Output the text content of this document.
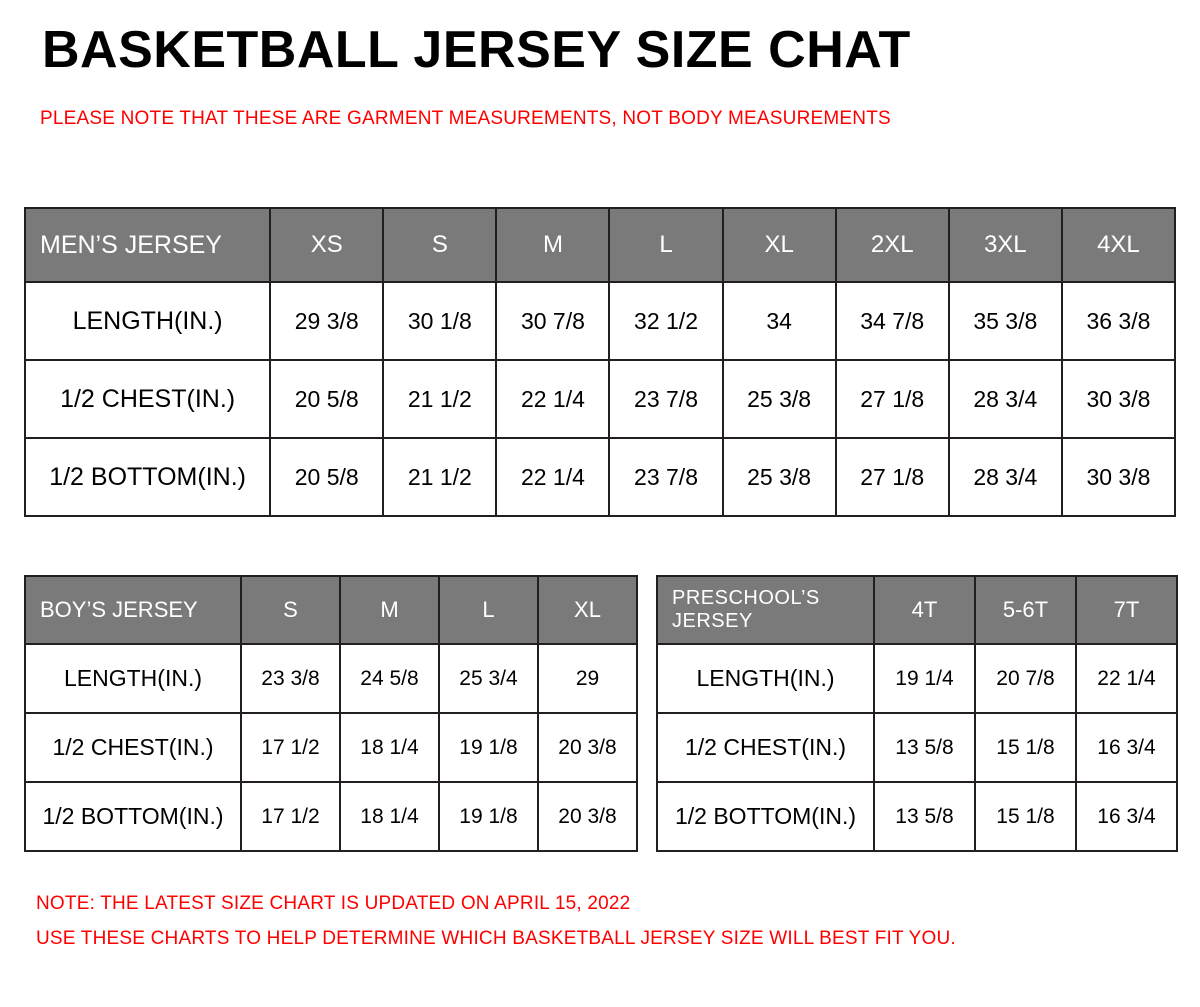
BASKETBALL JERSEY SIZE CHAT
PLEASE NOTE THAT THESE ARE GARMENT MEASUREMENTS, NOT BODY MEASUREMENTS
MEN’S JERSEY	XS	S	M	L	XL	2XL	3XL	4XL
LENGTH(IN.)	29 3/8	30 1/8	30 7/8	32 1/2	34	34 7/8	35 3/8	36 3/8
1/2 CHEST(IN.)	20 5/8	21 1/2	22 1/4	23 7/8	25 3/8	27 1/8	28 3/4	30 3/8
1/2 BOTTOM(IN.)	20 5/8	21 1/2	22 1/4	23 7/8	25 3/8	27 1/8	28 3/4	30 3/8
BOY’S JERSEY	S	M	L	XL
LENGTH(IN.)	23 3/8	24 5/8	25 3/4	29
1/2 CHEST(IN.)	17 1/2	18 1/4	19 1/8	20 3/8
1/2 BOTTOM(IN.)	17 1/2	18 1/4	19 1/8	20 3/8
PRESCHOOL’S JERSEY	4T	5-6T	7T
LENGTH(IN.)	19 1/4	20 7/8	22 1/4
1/2 CHEST(IN.)	13 5/8	15 1/8	16 3/4
1/2 BOTTOM(IN.)	13 5/8	15 1/8	16 3/4
NOTE: THE LATEST SIZE CHART IS UPDATED ON APRIL 15, 2022
USE THESE CHARTS TO HELP DETERMINE WHICH BASKETBALL JERSEY SIZE WILL BEST FIT YOU.
